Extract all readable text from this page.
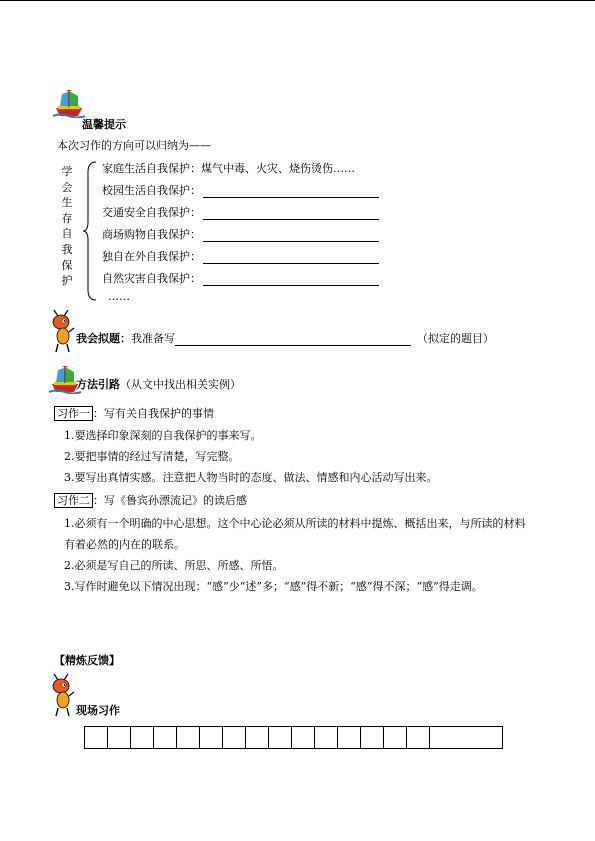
温馨提示
本次习作的方向可以归纳为——
学
会
生
存
自
我
保
护
家庭生活自我保护：煤气中毒、火灾、烧伤烫伤……
校园生活自我保护：
交通安全自我保护：
商场购物自我保护：
独自在外自我保护：
自然灾害自我保护：
……
我会拟题：我准备写	（拟定的题目）
方法引路（从文中找出相关实例）
习作一 ：写有关自我保护的事情
1.要选择印象深刻的自我保护的事来写。
2.要把事情的经过写清楚，写完整。
3.要写出真情实感。注意把人物当时的态度、做法、情感和内心活动写出来。
习作二 ：写《鲁宾孙漂流记》的读后感
1.必须有一个明确的中心思想。这个中心论必须从所读的材料中提炼、概括出来，与所读的材料有着必然的内在的联系。
2.必须是写自己的所读、所思、所感、所悟。
3.写作时避免以下情况出现：“感”少“述”多；“感”得不新；“感”得不深；“感”得走调。
【精炼反馈】
现场习作
